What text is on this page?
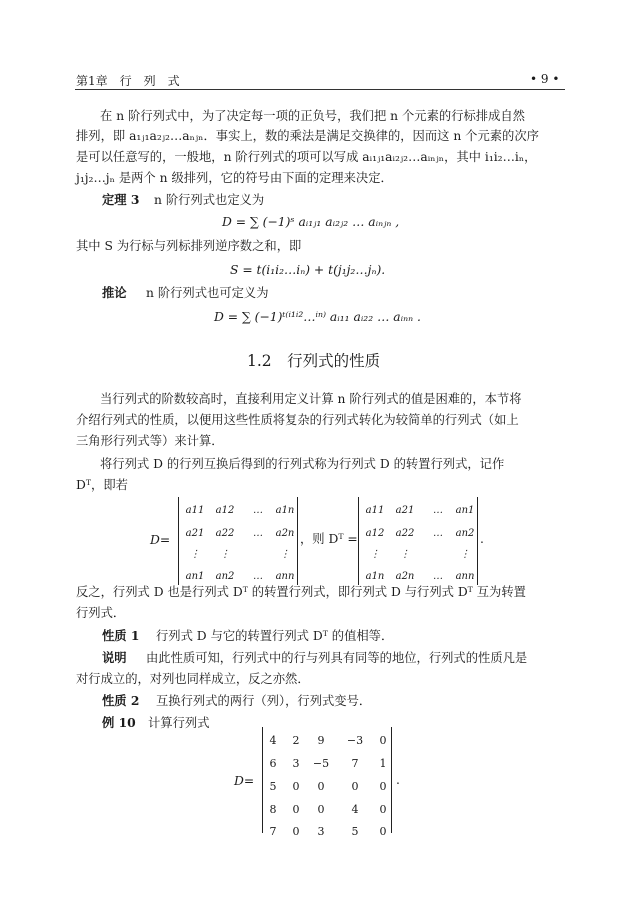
第1章　行　列　式	• 9 •
在 n 阶行列式中，为了决定每一项的正负号，我们把 n 个元素的行标排成自然
排列，即 a₁ⱼ₁a₂ⱼ₂…aₙⱼₙ．事实上，数的乘法是满足交换律的，因而这 n 个元素的次序
是可以任意写的，一般地，n 阶行列式的项可以写成 aᵢ₁ⱼ₁aᵢ₂ⱼ₂…aᵢₙⱼₙ，其中 i₁i₂…iₙ，
j₁j₂…jₙ 是两个 n 级排列，它的符号由下面的定理来决定．
定理 3 n 阶行列式也定义为
D = ∑ (−1)ˢ aᵢ₁ⱼ₁ aᵢ₂ⱼ₂ … aᵢₙⱼₙ ,
其中 S 为行标与列标排列逆序数之和，即
S = t(i₁i₂…iₙ) + t(j₁j₂…jₙ).
推论 n 阶行列式也可定义为
D = ∑ (−1)ᵗ⁽ⁱ¹ⁱ²…ⁱⁿ⁾ aᵢ₁₁ aᵢ₂₂ … aᵢₙₙ .
1.2　行列式的性质
当行列式的阶数较高时，直接利用定义计算 n 阶行列式的值是困难的，本节将
介绍行列式的性质，以便用这些性质将复杂的行列式转化为较简单的行列式（如上
三角形行列式等）来计算．
将行列式 D 的行列互换后得到的行列式称为行列式 D 的转置行列式，记作
Dᵀ，即若
D=
a11	a12	…	a1n
a21	a22	…	a2n
⋮	⋮	⋮
an1	an2	…	ann
，则 Dᵀ =
a11	a21	…	an1
a12	a22	…	an2
⋮	⋮	⋮
a1n	a2n	…	ann
.
反之，行列式 D 也是行列式 Dᵀ 的转置行列式，即行列式 D 与行列式 Dᵀ 互为转置
行列式．
性质 1 行列式 D 与它的转置行列式 Dᵀ 的值相等．
说明 由此性质可知，行列式中的行与列具有同等的地位，行列式的性质凡是
对行成立的，对列也同样成立，反之亦然．
性质 2 互换行列式的两行（列），行列式变号．
例 10 计算行列式
D=
4	2	9	−3	0
6	3	−5	7	1
5	0	0	0	0
8	0	0	4	0
7	0	3	5	0
.
